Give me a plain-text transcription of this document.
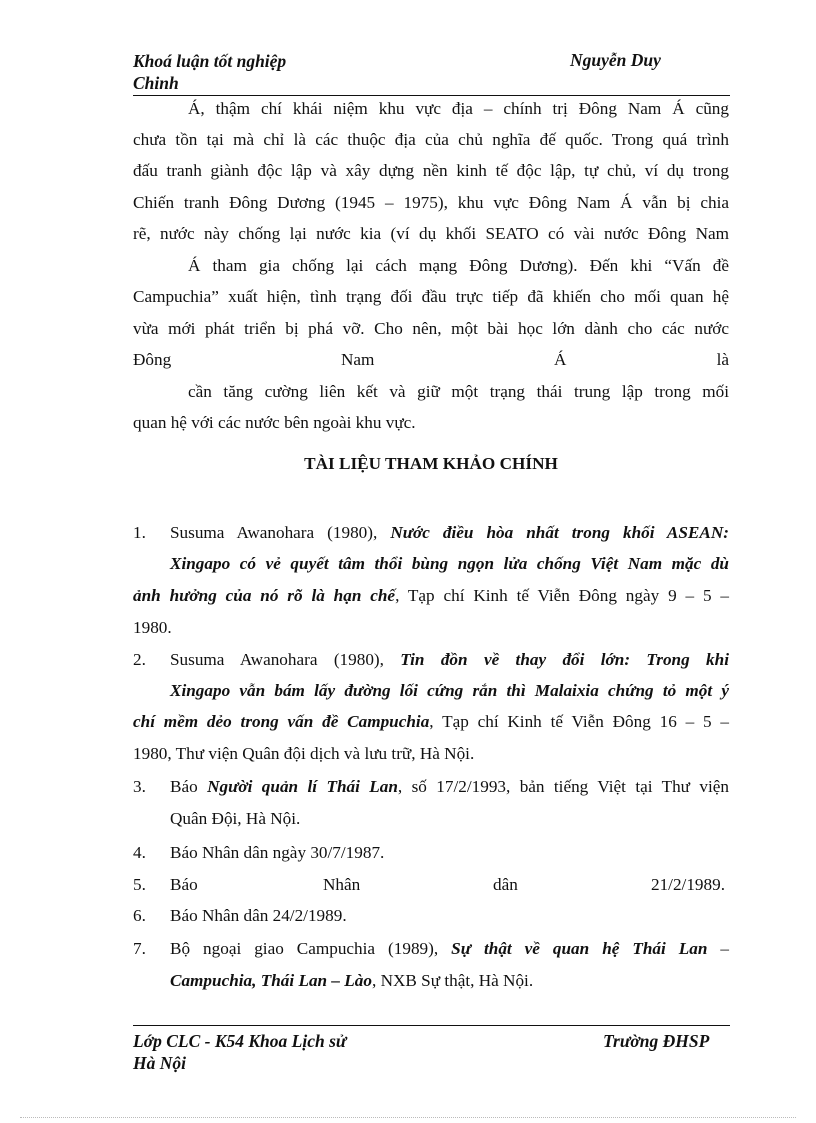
Khoá luận tốt nghiệp	Nguyễn Duy
Chinh
Á, thậm chí khái niệm khu vực địa – chính trị Đông Nam Á cũng
chưa tồn tại mà chỉ là các thuộc địa của chủ nghĩa đế quốc. Trong quá trình
đấu tranh giành độc lập và xây dựng nền kinh tế độc lập, tự chủ, ví dụ trong
Chiến tranh Đông Dương (1945 – 1975), khu vực Đông Nam Á vẫn bị chia
rẽ, nước này chống lại nước kia (ví dụ khối SEATO có vài nước Đông Nam
Á tham gia chống lại cách mạng Đông Dương). Đến khi “Vấn đề
Campuchia” xuất hiện, tình trạng đối đầu trực tiếp đã khiến cho mối quan hệ
vừa mới phát triển bị phá vỡ. Cho nên, một bài học lớn dành cho các nước
Đông	Nam	Á	là
cần tăng cường liên kết và giữ một trạng thái trung lập trong mối
quan hệ với các nước bên ngoài khu vực.
TÀI LIỆU THAM KHẢO CHÍNH
1. Susuma Awanohara (1980), Nước điều hòa nhất trong khối ASEAN:
Xingapo có vẻ quyết tâm thổi bùng ngọn lửa chống Việt Nam mặc dù
ảnh hưởng của nó rõ là hạn chế, Tạp chí Kinh tế Viễn Đông ngày 9 – 5 –
1980.
2. Susuma Awanohara (1980), Tin đồn về thay đổi lớn: Trong khi
Xingapo vẫn bám lấy đường lối cứng rắn thì Malaixia chứng tỏ một ý
chí mềm dẻo trong vấn đề Campuchia, Tạp chí Kinh tế Viễn Đông 16 – 5 –
1980, Thư viện Quân đội dịch và lưu trữ, Hà Nội.
3. Báo Người quản lí Thái Lan, số 17/2/1993, bản tiếng Việt tại Thư viện
Quân Đội, Hà Nội.
4. Báo Nhân dân ngày 30/7/1987.
5. Báo	Nhân	dân	21/2/1989.
6. Báo Nhân dân 24/2/1989.
7. Bộ ngoại giao Campuchia (1989), Sự thật về quan hệ Thái Lan –
Campuchia, Thái Lan – Lào, NXB Sự thật, Hà Nội.
Lớp CLC - K54 Khoa Lịch sử	Trường ĐHSP
Hà Nội
